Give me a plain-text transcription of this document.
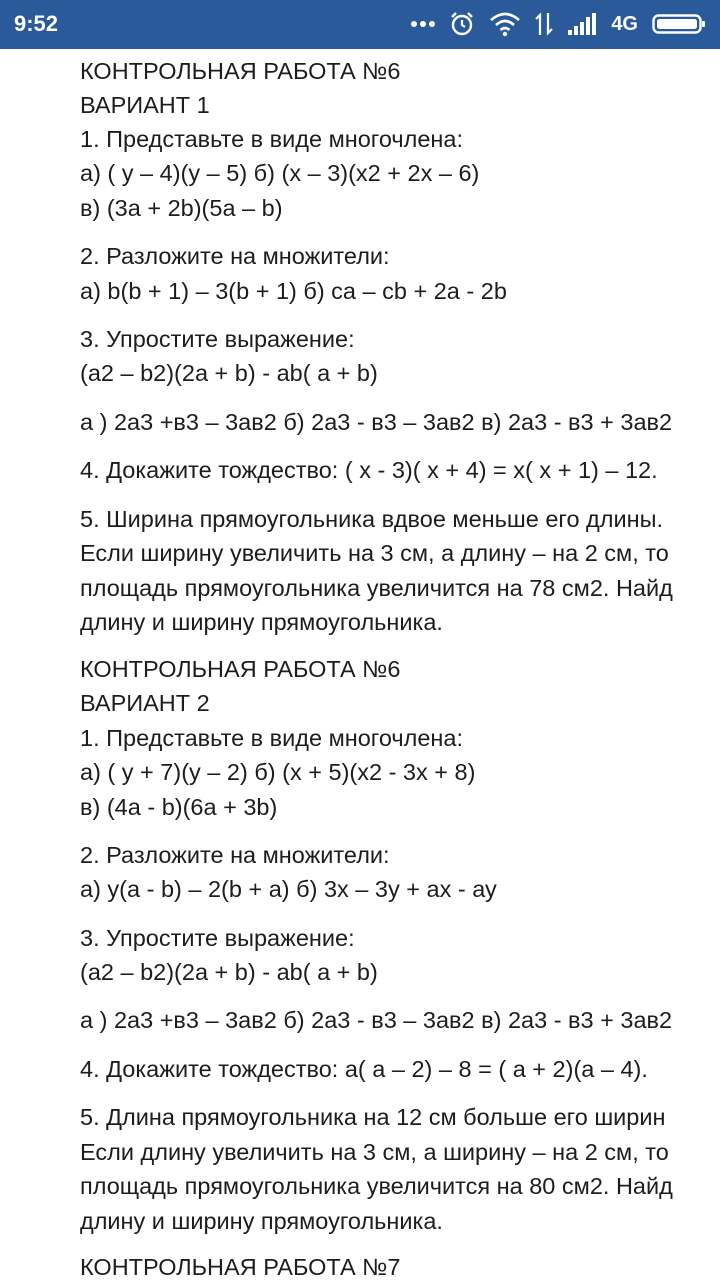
9:52	4G
КОНТРОЛЬНАЯ РАБОТА №6
ВАРИАНТ 1
1. Представьте в виде многочлена:
а) ( у – 4)(у – 5) б) (х – 3)(х2 + 2х – 6)
в) (3а + 2b)(5а – b)
2. Разложите на множители:
а) b(b + 1) – 3(b + 1) б) са – сb + 2а - 2b
3. Упростите выражение:
(а2 – b2)(2a + b) - ab( a + b)
а ) 2а3 +в3 – 3ав2 б) 2а3 - в3 – 3ав2 в) 2а3 - в3 + 3ав2
4. Докажите тождество: ( х - 3)( х + 4) = х( х + 1) – 12.
5. Ширина прямоугольника вдвое меньше его длины.
Если ширину увеличить на 3 см, а длину – на 2 см, то
площадь прямоугольника увеличится на 78 см2. Найд
длину и ширину прямоугольника.
КОНТРОЛЬНАЯ РАБОТА №6
ВАРИАНТ 2
1. Представьте в виде многочлена:
а) ( у + 7)(у – 2) б) (х + 5)(х2 - 3х + 8)
в) (4а - b)(6а + 3b)
2. Разложите на множители:
а) у(а - b) – 2(b + a) б) 3х – 3у + ах - ау
3. Упростите выражение:
(а2 – b2)(2a + b) - ab( a + b)
а ) 2а3 +в3 – 3ав2 б) 2а3 - в3 – 3ав2 в) 2а3 - в3 + 3ав2
4. Докажите тождество: а( а – 2) – 8 = ( а + 2)(а – 4).
5. Длина прямоугольника на 12 см больше его ширин
Если длину увеличить на 3 см, а ширину – на 2 см, то
площадь прямоугольника увеличится на 80 см2. Найд
длину и ширину прямоугольника.
КОНТРОЛЬНАЯ РАБОТА №7
